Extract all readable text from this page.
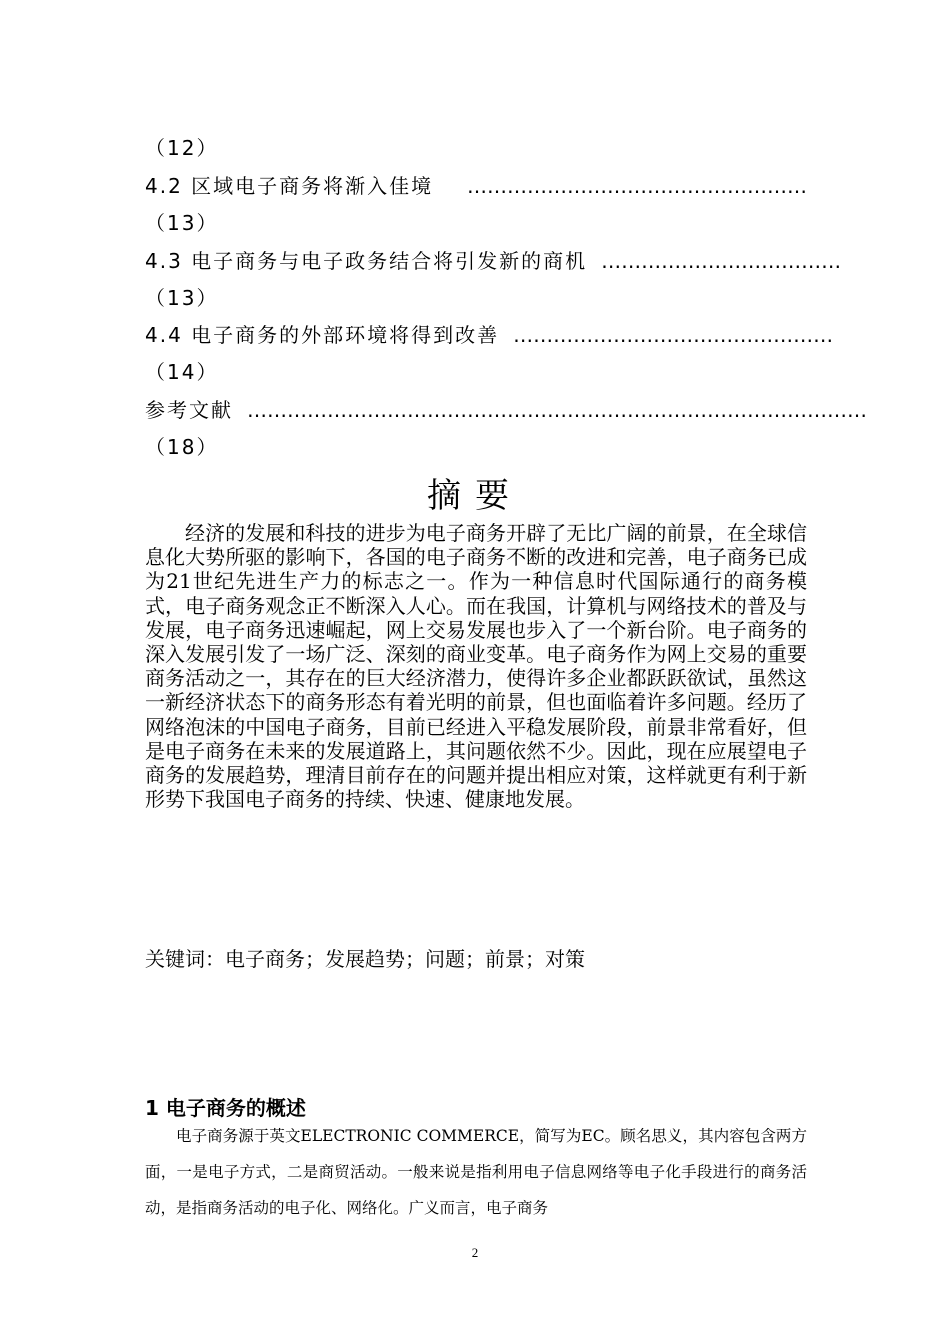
（12）
4.2 区域电子商务将渐入佳境	……………………………………………
（13）
4.3 电子商务与电子政务结合将引发新的商机 ………………………………
（13）
4.4 电子商务的外部环境将得到改善 …………………………………………
（14）
参考文献 …………………………………………………………………………………
（18）
摘要

经济的发展和科技的进步为电子商务开辟了无比广阔的前景，在全球信息化大势所驱的影响下，各国的电子商务不断的改进和完善，电子商务已成为21世纪先进生产力的标志之一。作为一种信息时代国际通行的商务模式，电子商务观念正不断深入人心。而在我国，计算机与网络技术的普及与发展，电子商务迅速崛起，网上交易发展也步入了一个新台阶。电子商务的深入发展引发了一场广泛、深刻的商业变革。电子商务作为网上交易的重要商务活动之一，其存在的巨大经济潜力，使得许多企业都跃跃欲试，虽然这一新经济状态下的商务形态有着光明的前景，但也面临着许多问题。经历了网络泡沫的中国电子商务，目前已经进入平稳发展阶段，前景非常看好，但是电子商务在未来的发展道路上，其问题依然不少。因此，现在应展望电子商务的发展趋势，理清目前存在的问题并提出相应对策，这样就更有利于新形势下我国电子商务的持续、快速、健康地发展。

关键词：电子商务；发展趋势；问题；前景；对策
1 电子商务的概述

电子商务源于英文ELECTRONIC COMMERCE，简写为EC。顾名思义，其内容包含两方面，一是电子方式，二是商贸活动。一般来说是指利用电子信息网络等电子化手段进行的商务活动，是指商务活动的电子化、网络化。广义而言，电子商务

2
